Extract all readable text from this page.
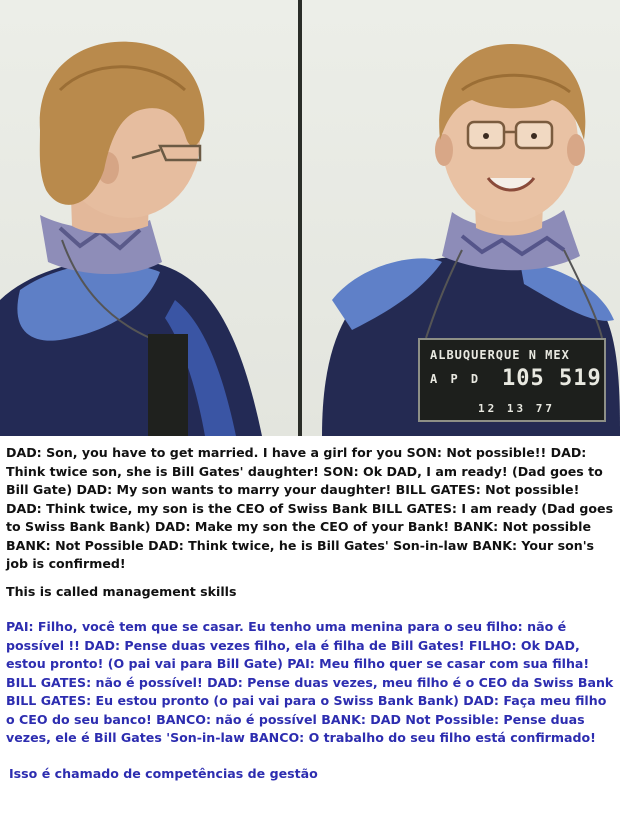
ALBUQUERQUE N MEX
A P D 105 519
12 13 77

DAD: Son, you have to get married. I have a girl for you SON: Not possible!! DAD: Think twice son, she is Bill Gates' daughter! SON: Ok DAD, I am ready! (Dad goes to Bill Gate) DAD: My son wants to marry your daughter! BILL GATES: Not possible! DAD: Think twice, my son is the CEO of Swiss Bank BILL GATES: I am ready (Dad goes to Swiss Bank Bank) DAD: Make my son the CEO of your Bank! BANK: Not possible BANK: Not Possible DAD: Think twice, he is Bill Gates' Son-in-law BANK: Your son's job is confirmed!

This is called management skills

PAI: Filho, você tem que se casar. Eu tenho uma menina para o seu filho: não é possível !! DAD: Pense duas vezes filho, ela é filha de Bill Gates! FILHO: Ok DAD, estou pronto! (O pai vai para Bill Gate) PAI: Meu filho quer se casar com sua filha! BILL GATES: não é possível! DAD: Pense duas vezes, meu filho é o CEO da Swiss Bank BILL GATES: Eu estou pronto (o pai vai para o Swiss Bank Bank) DAD: Faça meu filho o CEO do seu banco! BANCO: não é possível BANK: DAD Not Possible: Pense duas vezes, ele é Bill Gates 'Son-in-law BANCO: O trabalho do seu filho está confirmado!

Isso é chamado de competências de gestão
